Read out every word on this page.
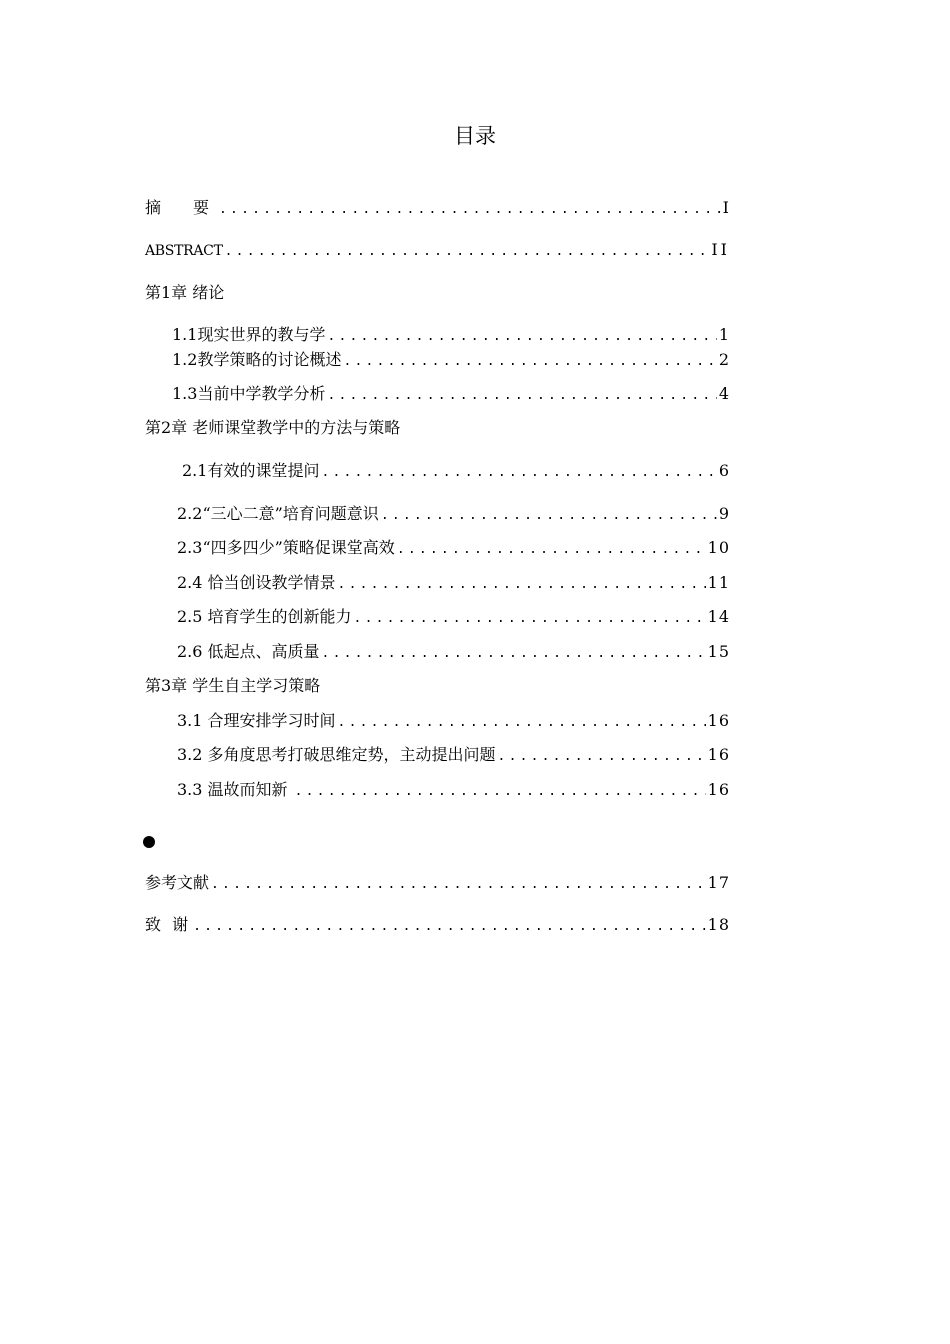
目录
摘　要 .....	I
ABSTRACT .....	II
第1章 绪论
1.1现实世界的教与学 .....	1
1.2教学策略的讨论概述 .....	2
1.3当前中学教学分析 .....	4
第2章 老师课堂教学中的方法与策略
2.1有效的课堂提问 .....	6
2.2“三心二意”培育问题意识 .....	9
2.3“四多四少”策略促课堂高效 .....	10
2.4 恰当创设教学情景 .....	11
2.5 培育学生的创新能力 .....	14
2.6 低起点、高质量 .....	15
第3章 学生自主学习策略
3.1 合理安排学习时间 .....	16
3.2 多角度思考打破思维定势，主动提出问题 .....	16
3.3 温故而知新 .....	16
参考文献 .....	17
致 谢 .....	18
